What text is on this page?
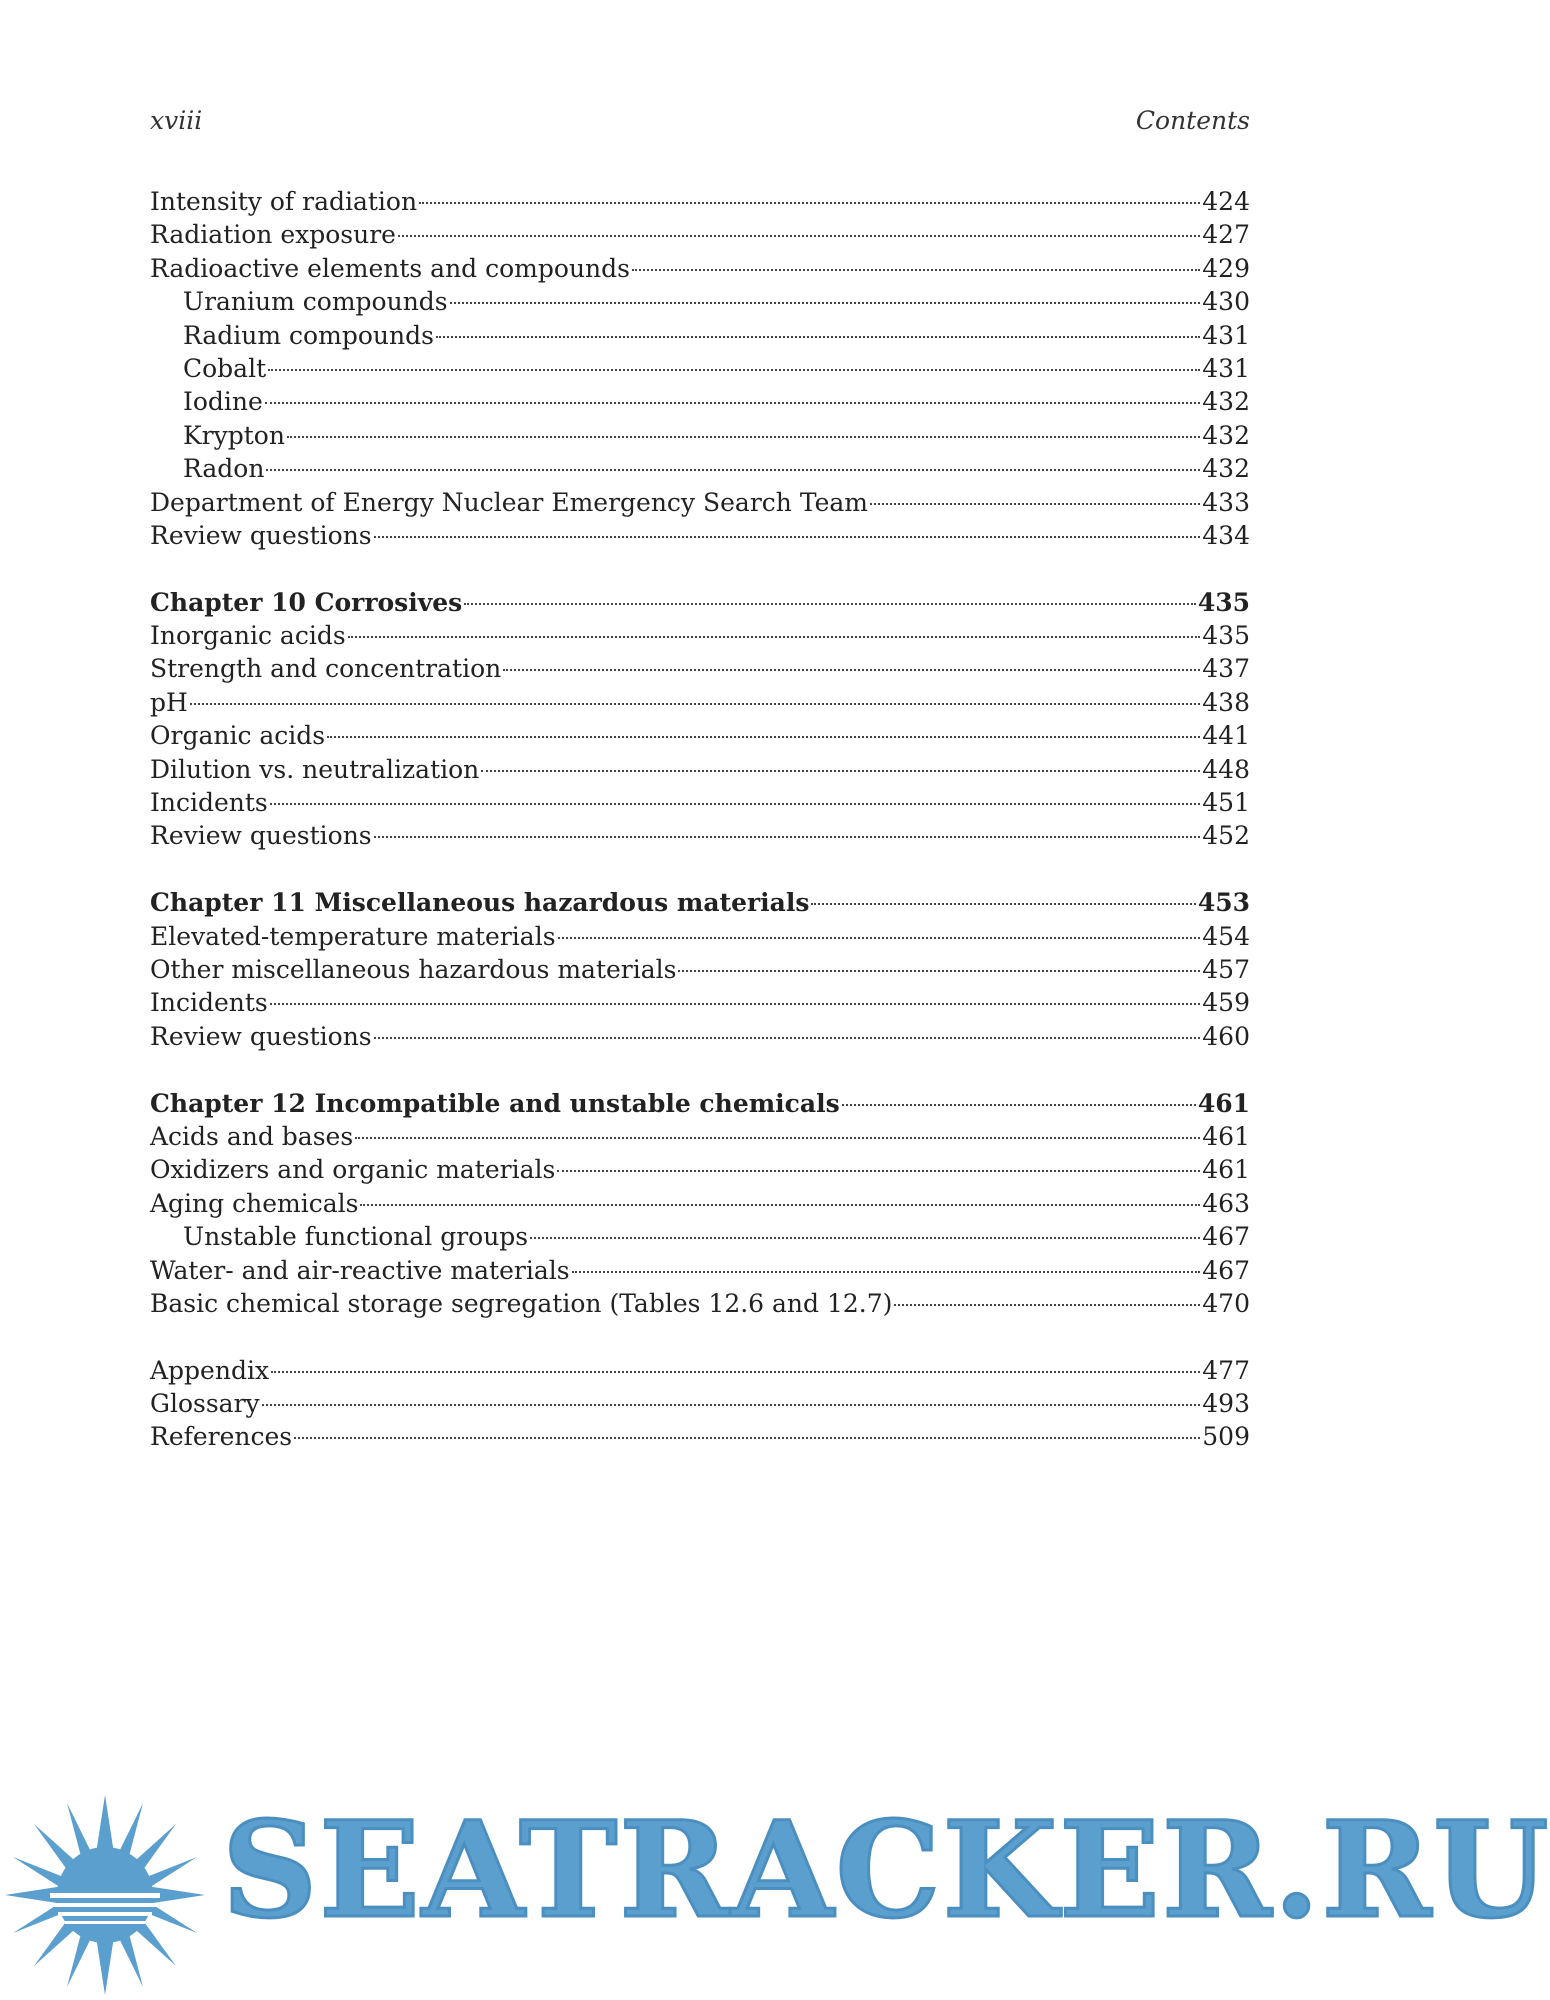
xviii	Contents
Intensity of radiation	424
Radiation exposure	427
Radioactive elements and compounds	429
Uranium compounds	430
Radium compounds	431
Cobalt	431
Iodine	432
Krypton	432
Radon	432
Department of Energy Nuclear Emergency Search Team	433
Review questions	434
Chapter 10 Corrosives	435
Inorganic acids	435
Strength and concentration	437
pH	438
Organic acids	441
Dilution vs. neutralization	448
Incidents	451
Review questions	452
Chapter 11 Miscellaneous hazardous materials	453
Elevated-temperature materials	454
Other miscellaneous hazardous materials	457
Incidents	459
Review questions	460
Chapter 12 Incompatible and unstable chemicals	461
Acids and bases	461
Oxidizers and organic materials	461
Aging chemicals	463
Unstable functional groups	467
Water- and air-reactive materials	467
Basic chemical storage segregation (Tables 12.6 and 12.7)	470
Appendix	477
Glossary	493
References	509
SEATRACKER.RU
